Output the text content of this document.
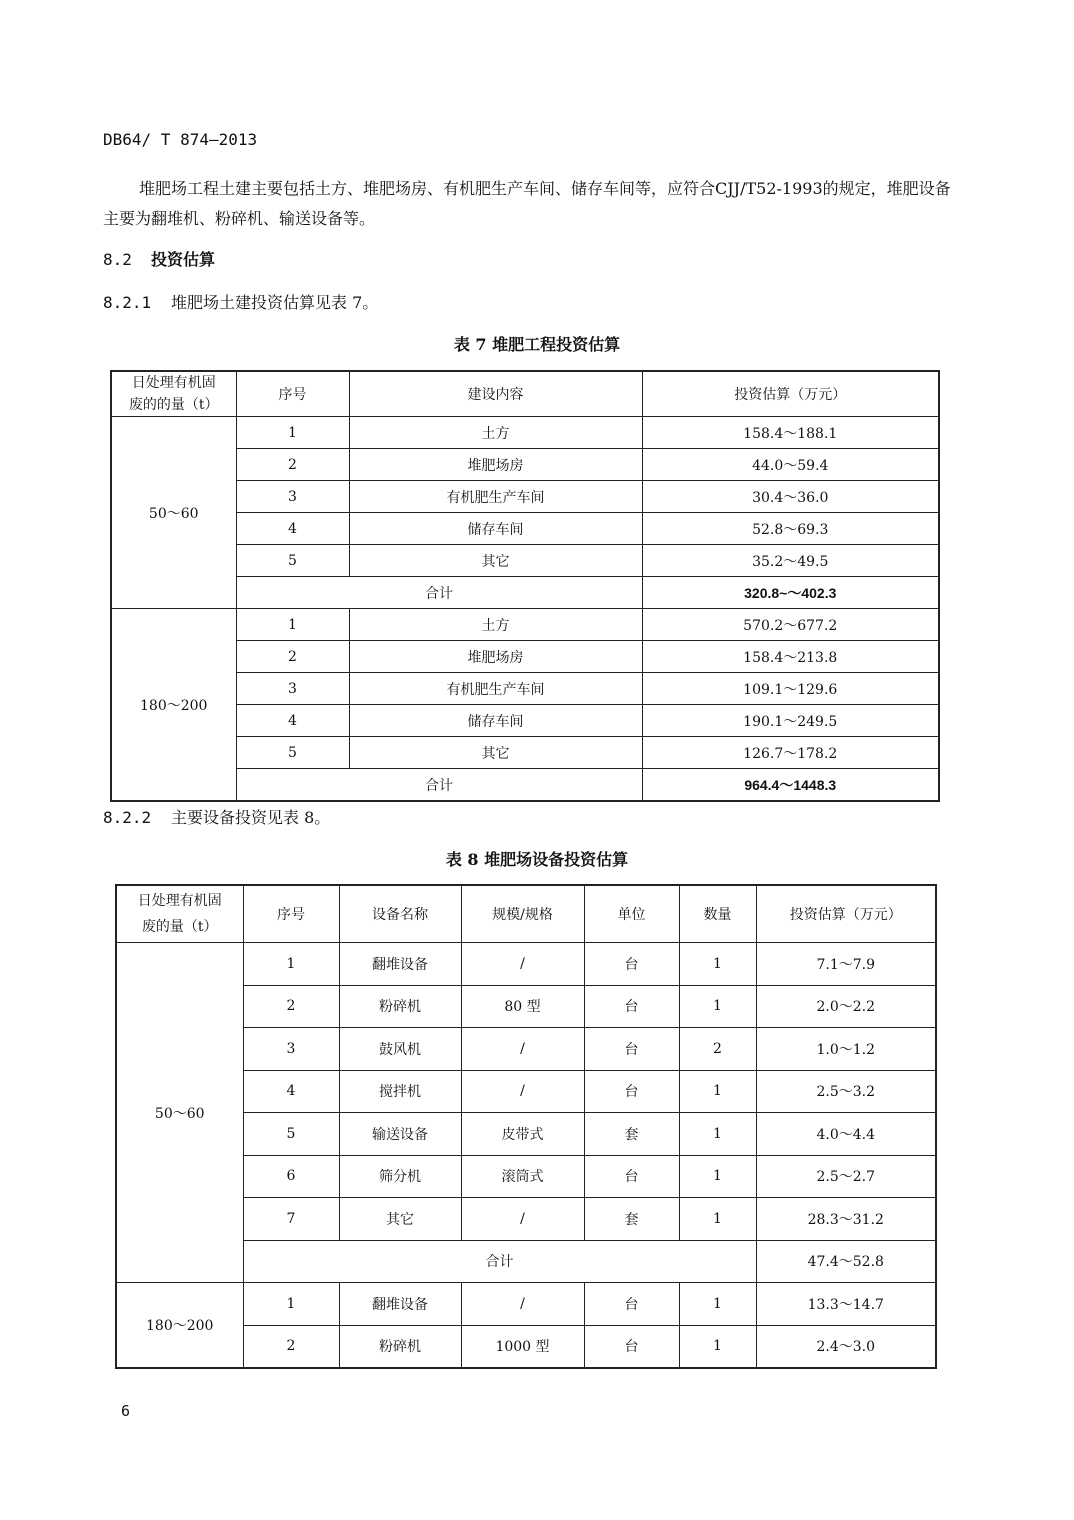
DB64/ T 874—2013
堆肥场工程土建主要包括土方、堆肥场房、有机肥生产车间、储存车间等，应符合CJJ/T52-1993的规定，堆肥设备主要为翻堆机、粉碎机、输送设备等。
8.2 投资估算
8.2.1 堆肥场土建投资估算见表 7。
表 7 堆肥工程投资估算
日处理有机固
废的的量（t）	序号	建设内容	投资估算（万元）
50～60	1	土方	158.4～188.1
	2	堆肥场房	44.0～59.4
	3	有机肥生产车间	30.4～36.0
	4	储存车间	52.8～69.3
	5	其它	35.2～49.5
	合计		320.8~～402.3
180～200	1	土方	570.2～677.2
	2	堆肥场房	158.4～213.8
	3	有机肥生产车间	109.1～129.6
	4	储存车间	190.1～249.5
	5	其它	126.7～178.2
	合计		964.4～1448.3
8.2.2 主要设备投资见表 8。
表 8 堆肥场设备投资估算
日处理有机固
废的量（t）	序号	设备名称	规模/规格	单位	数量	投资估算（万元）
50～60	1	翻堆设备	/	台	1	7.1～7.9
	2	粉碎机	80 型	台	1	2.0～2.2
	3	鼓风机	/	台	2	1.0～1.2
	4	搅拌机	/	台	1	2.5～3.2
	5	输送设备	皮带式	套	1	4.0～4.4
	6	筛分机	滚筒式	台	1	2.5～2.7
	7	其它	/	套	1	28.3～31.2
	合计					47.4～52.8
180～200	1	翻堆设备	/	台	1	13.3～14.7
	2	粉碎机	1000 型	台	1	2.4～3.0
6
